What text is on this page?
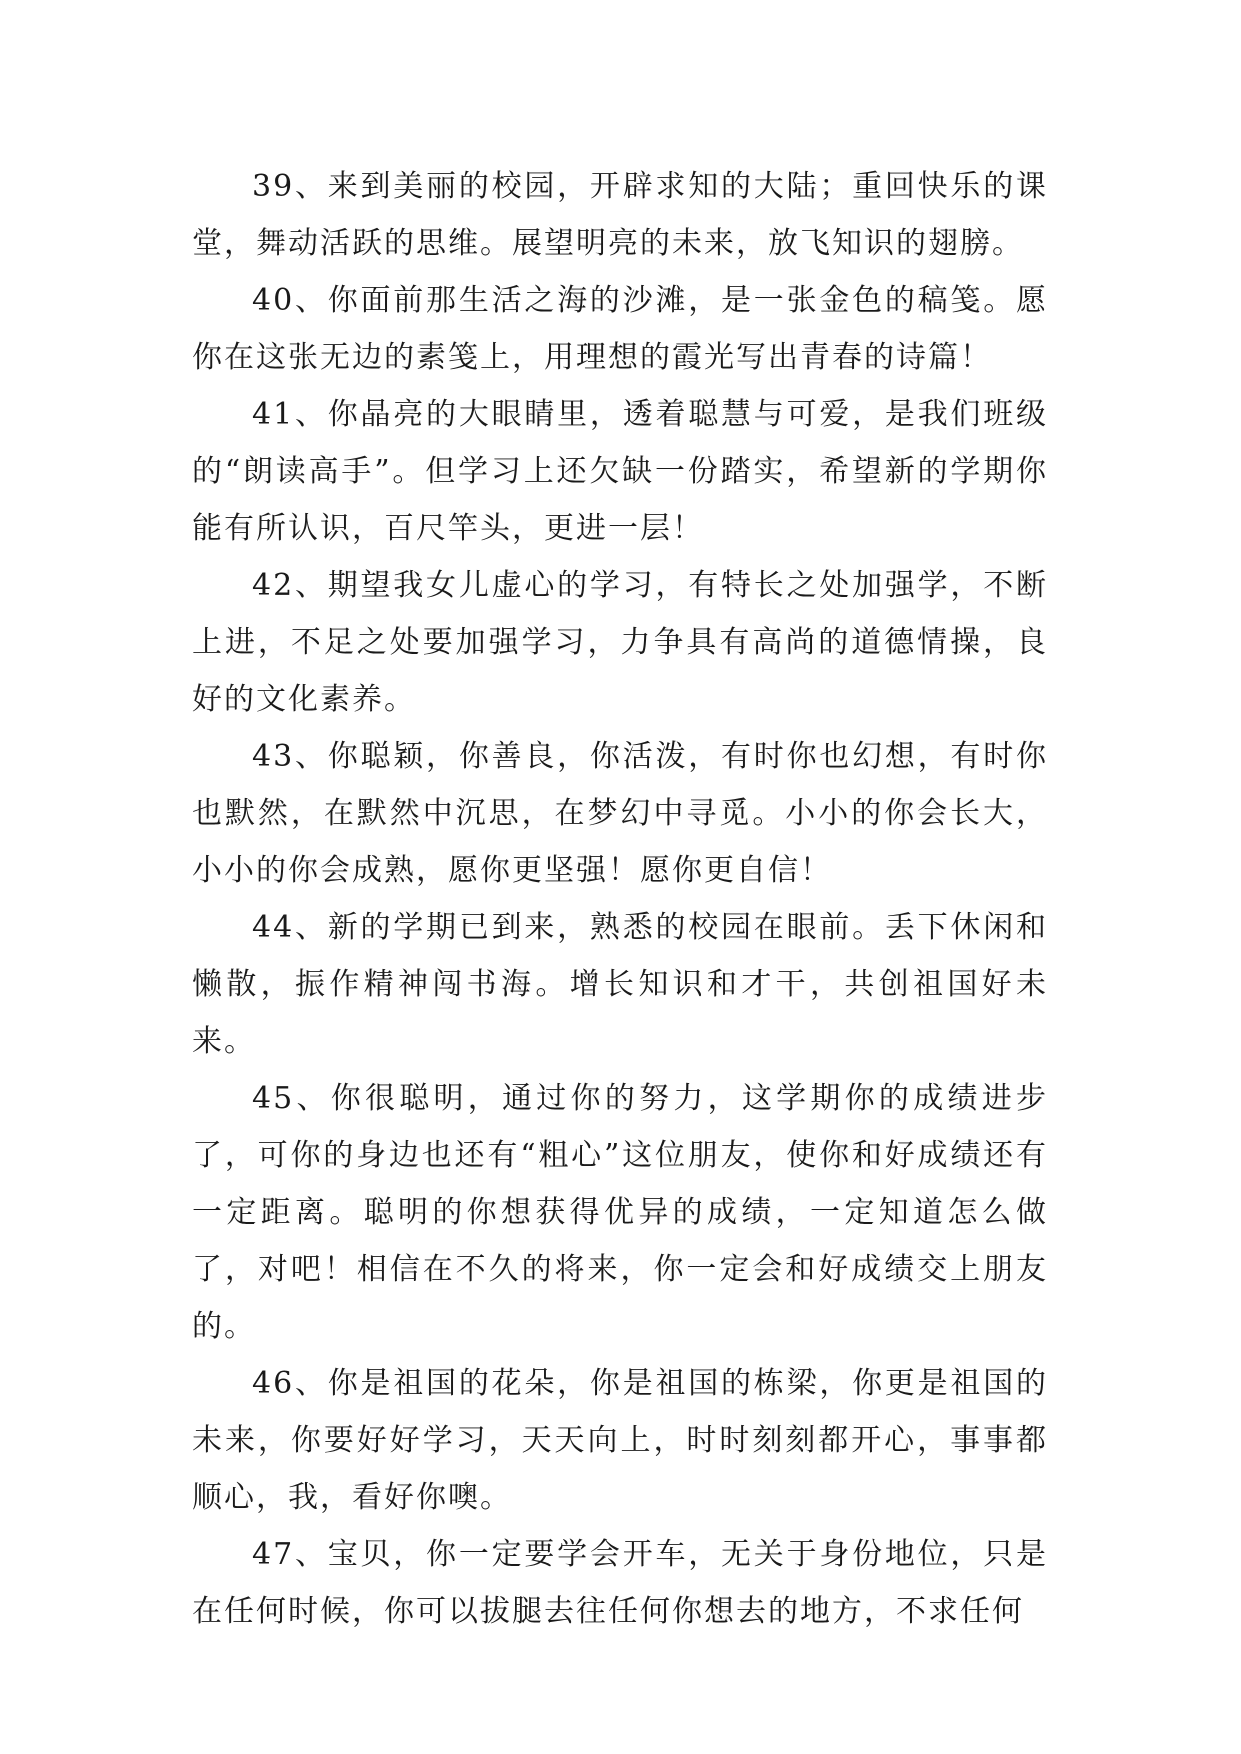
39、来到美丽的校园，开辟求知的大陆；重回快乐的课堂，舞动活跃的思维。展望明亮的未来，放飞知识的翅膀。

40、你面前那生活之海的沙滩，是一张金色的稿笺。愿你在这张无边的素笺上，用理想的霞光写出青春的诗篇！

41、你晶亮的大眼睛里，透着聪慧与可爱，是我们班级的“朗读高手”。但学习上还欠缺一份踏实，希望新的学期你能有所认识，百尺竿头，更进一层！

42、期望我女儿虚心的学习，有特长之处加强学，不断上进，不足之处要加强学习，力争具有高尚的道德情操，良好的文化素养。

43、你聪颖，你善良，你活泼，有时你也幻想，有时你也默然，在默然中沉思，在梦幻中寻觅。小小的你会长大，小小的你会成熟，愿你更坚强！愿你更自信！

44、新的学期已到来，熟悉的校园在眼前。丢下休闲和懒散，振作精神闯书海。增长知识和才干，共创祖国好未来。

45、你很聪明，通过你的努力，这学期你的成绩进步了，可你的身边也还有“粗心”这位朋友，使你和好成绩还有一定距离。聪明的你想获得优异的成绩，一定知道怎么做了，对吧！相信在不久的将来，你一定会和好成绩交上朋友的。

46、你是祖国的花朵，你是祖国的栋梁，你更是祖国的未来，你要好好学习，天天向上，时时刻刻都开心，事事都顺心，我，看好你噢。

47、宝贝，你一定要学会开车，无关于身份地位，只是在任何时候，你可以拔腿去往任何你想去的地方，不求任何
